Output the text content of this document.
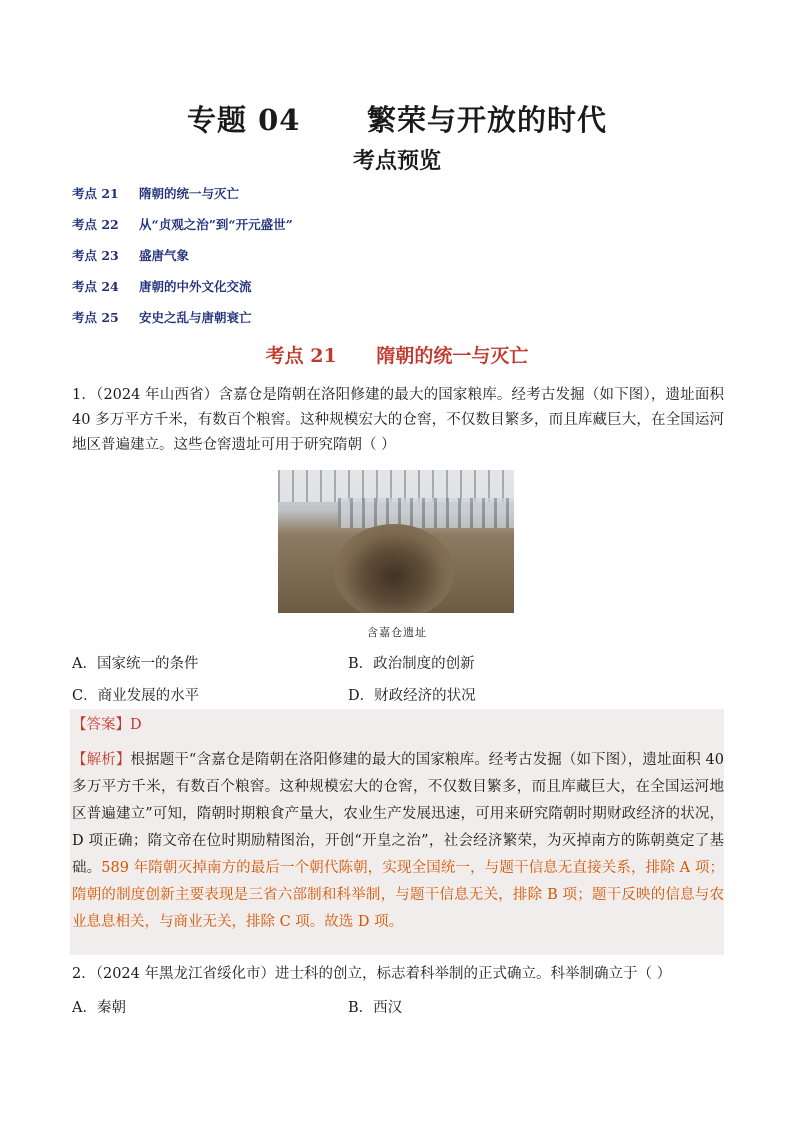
专题 04      繁荣与开放的时代
考点预览
考点 21 隋朝的统一与灭亡
考点 22 从“贞观之治”到“开元盛世”
考点 23 盛唐气象
考点 24 唐朝的中外文化交流
考点 25 安史之乱与唐朝衰亡
考点 21      隋朝的统一与灭亡
1．（2024 年山西省）含嘉仓是隋朝在洛阳修建的最大的国家粮库。经考古发掘（如下图），遗址面积 40 多万平方千米，有数百个粮窖。这种规模宏大的仓窖，不仅数目繁多，而且库藏巨大，在全国运河地区普遍建立。这些仓窖遗址可用于研究隋朝（ ）
含嘉仓遗址
A．国家统一的条件	B．政治制度的创新
C．商业发展的水平	D．财政经济的状况
【答案】D
【解析】根据题干“含嘉仓是隋朝在洛阳修建的最大的国家粮库。经考古发掘（如下图），遗址面积 40多万平方千米，有数百个粮窖。这种规模宏大的仓窖，不仅数目繁多，而且库藏巨大，在全国运河地区普遍建立”可知，隋朝时期粮食产量大，农业生产发展迅速，可用来研究隋朝时期财政经济的状况，D 项正确；隋文帝在位时期励精图治，开创“开皇之治”，社会经济繁荣，为灭掉南方的陈朝奠定了基础。589 年隋朝灭掉南方的最后一个朝代陈朝，实现全国统一，与题干信息无直接关系，排除 A 项；隋朝的制度创新主要表现是三省六部制和科举制，与题干信息无关，排除 B 项；题干反映的信息与农业息息相关，与商业无关，排除 C 项。故选 D 项。
2．（2024 年黑龙江省绥化市）进士科的创立，标志着科举制的正式确立。科举制确立于（ ）
A．秦朝	B．西汉
